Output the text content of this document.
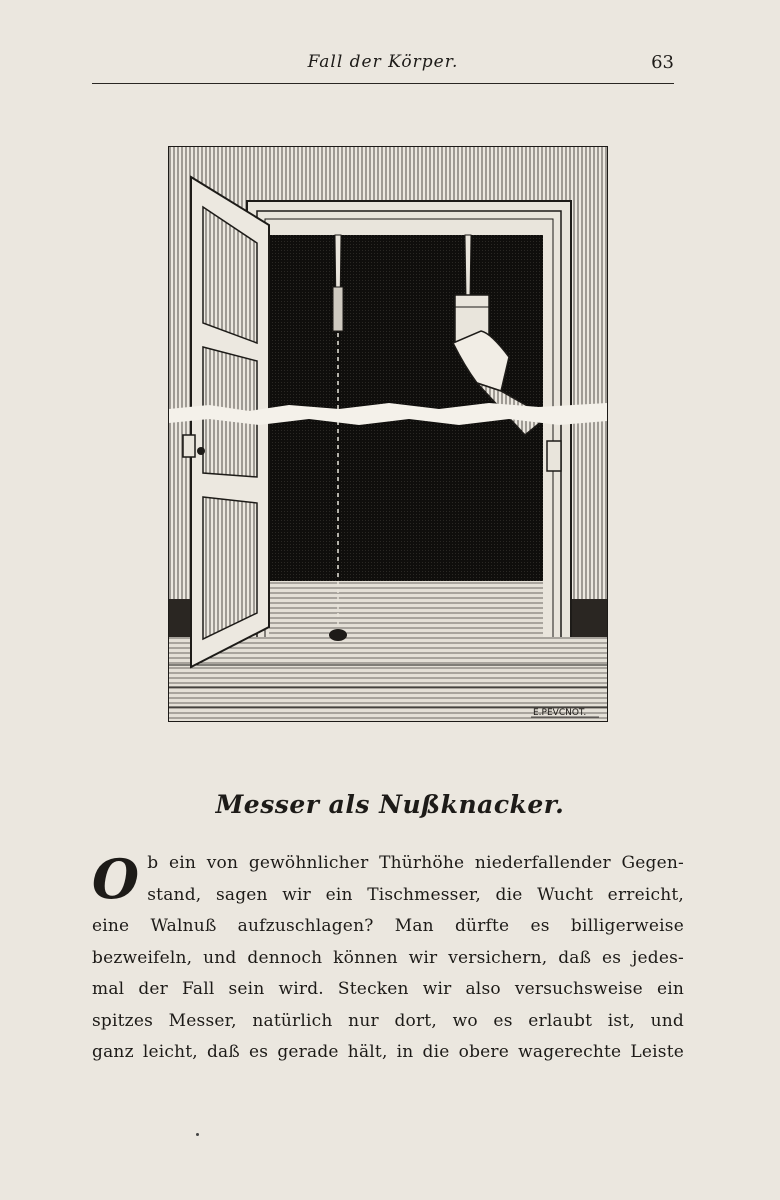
Fall der Körper.	63
E.PEVCNOT.
Messer als Nußknacker.
O b ein von gewöhnlicher Thürhöhe niederfallender Gegen-
stand, sagen wir ein Tischmesser, die Wucht erreicht,
eine Walnuß aufzuschlagen? Man dürfte es billigerweise
bezweifeln, und dennoch können wir versichern, daß es jedes-
mal der Fall sein wird. Stecken wir also versuchsweise ein
spitzes Messer, natürlich nur dort, wo es erlaubt ist, und
ganz leicht, daß es gerade hält, in die obere wagerechte Leiste
